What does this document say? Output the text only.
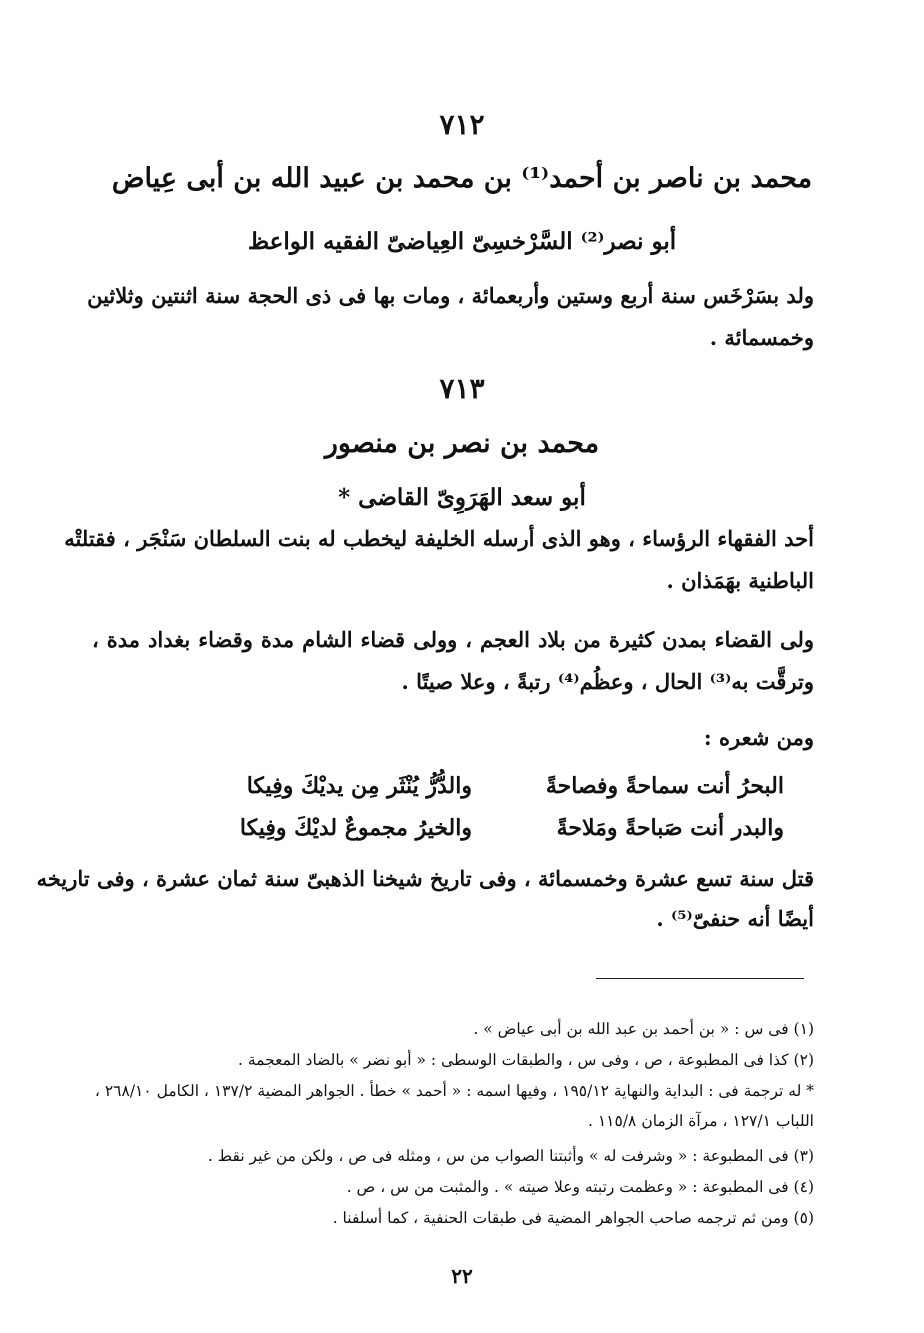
٧١٢
محمد بن ناصر بن أحمد⁽¹⁾ بن محمد بن عبيد الله بن أبى عِياض
أبو نصر⁽²⁾ السَّرْخسِىّ العِياضىّ الفقيه الواعظ
ولد بسَرْخَس سنة أربع وستين وأربعمائة ، ومات بها فى ذى الحجة سنة اثنتين وثلاثين
وخمسمائة .
٧١٣
محمد بن نصر بن منصور
أبو سعد الهَرَوِىّ القاضى *
أحد الفقهاء الرؤساء ، وهو الذى أرسله الخليفة ليخطب له بنت السلطان سَنْجَر ، فقتلتْه
الباطنية بهَمَذان .
ولى القضاء بمدن كثيرة من بلاد العجم ، وولى قضاء الشام مدة وقضاء بغداد مدة ،
وترقَّت به⁽³⁾ الحال ، وعظُم⁽⁴⁾ رتبةً ، وعلا صيتًا .
ومن شعره :
البحرُ أنت سماحةً وفصاحةً
والدُّرُّ يُنْثَر مِن يديْكَ وفِيكا
والبدر أنت صَباحةً ومَلاحةً
والخيرُ مجموعٌ لديْكَ وفِيكا
قتل سنة تسع عشرة وخمسمائة ، وفى تاريخ شيخنا الذهبىّ سنة ثمان عشرة ، وفى تاريخه
أيضًا أنه حنفىّ⁽⁵⁾ .
(١) فى س : « بن أحمد بن عبد الله بن أبى عياض » .
(٢) كذا فى المطبوعة ، ص ، وفى س ، والطبقات الوسطى : « أبو نضر » بالضاد المعجمة .
* له ترجمة فى : البداية والنهاية ١٩٥/١٢ ، وفيها اسمه : « أحمد » خطأ . الجواهر المضية ١٣٧/٢ ، الكامل ٢٦٨/١٠ ،
اللباب ١٢٧/١ ، مرآة الزمان ١١٥/٨ .
(٣) فى المطبوعة : « وشرفت له » وأثبتنا الصواب من س ، ومثله فى ص ، ولكن من غير نقط .
(٤) فى المطبوعة : « وعظمت رتبته وعلا صيته » . والمثبت من س ، ص .
(٥) ومن ثم ترجمه صاحب الجواهر المضية فى طبقات الحنفية ، كما أسلفنا .
٢٢
